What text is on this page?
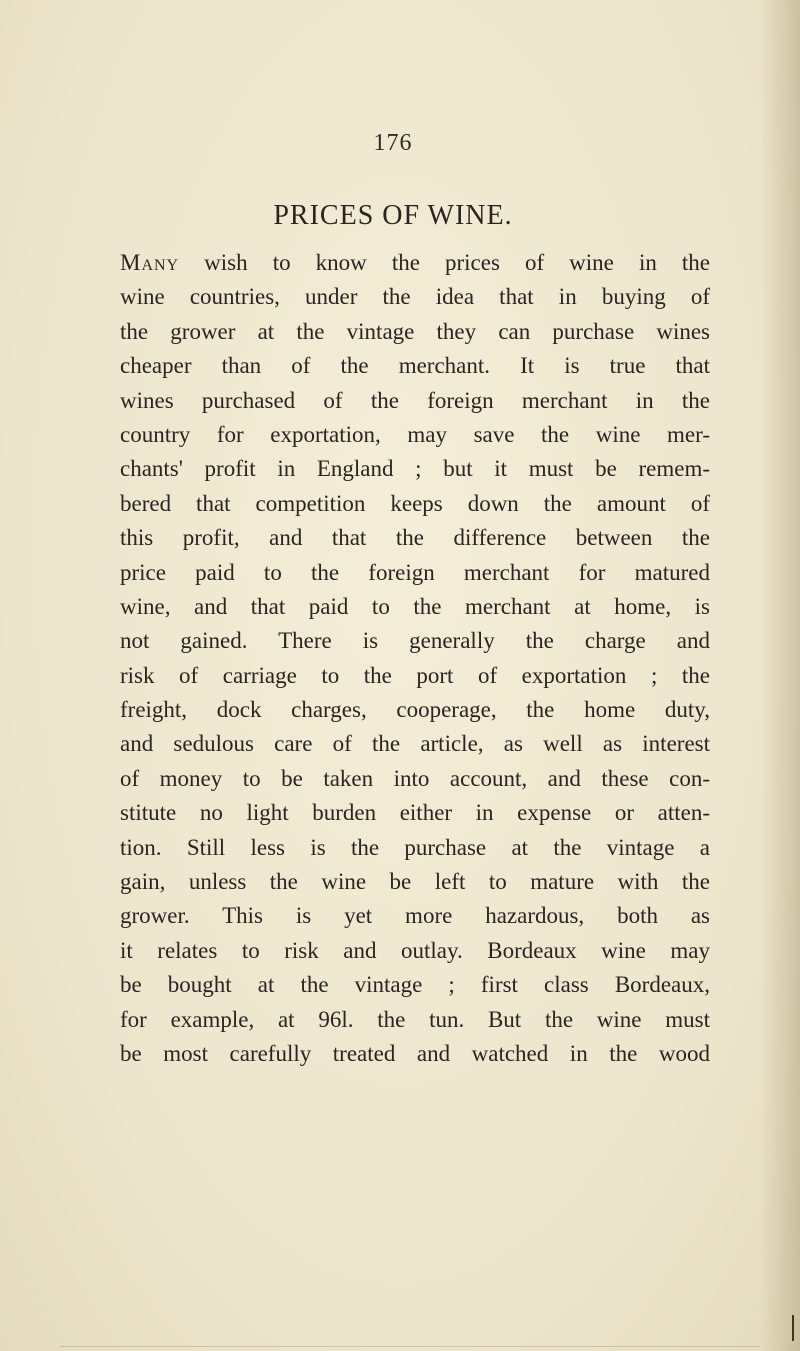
176
PRICES OF WINE.
Many wish to know the prices of wine in the
wine countries, under the idea that in buying of
the grower at the vintage they can purchase wines
cheaper than of the merchant. It is true that
wines purchased of the foreign merchant in the
country for exportation, may save the wine mer-
chants' profit in England ; but it must be remem-
bered that competition keeps down the amount of
this profit, and that the difference between the
price paid to the foreign merchant for matured
wine, and that paid to the merchant at home, is
not gained. There is generally the charge and
risk of carriage to the port of exportation ; the
freight, dock charges, cooperage, the home duty,
and sedulous care of the article, as well as interest
of money to be taken into account, and these con-
stitute no light burden either in expense or atten-
tion. Still less is the purchase at the vintage a
gain, unless the wine be left to mature with the
grower. This is yet more hazardous, both as
it relates to risk and outlay. Bordeaux wine may
be bought at the vintage ; first class Bordeaux,
for example, at 96l. the tun. But the wine must
be most carefully treated and watched in the wood
